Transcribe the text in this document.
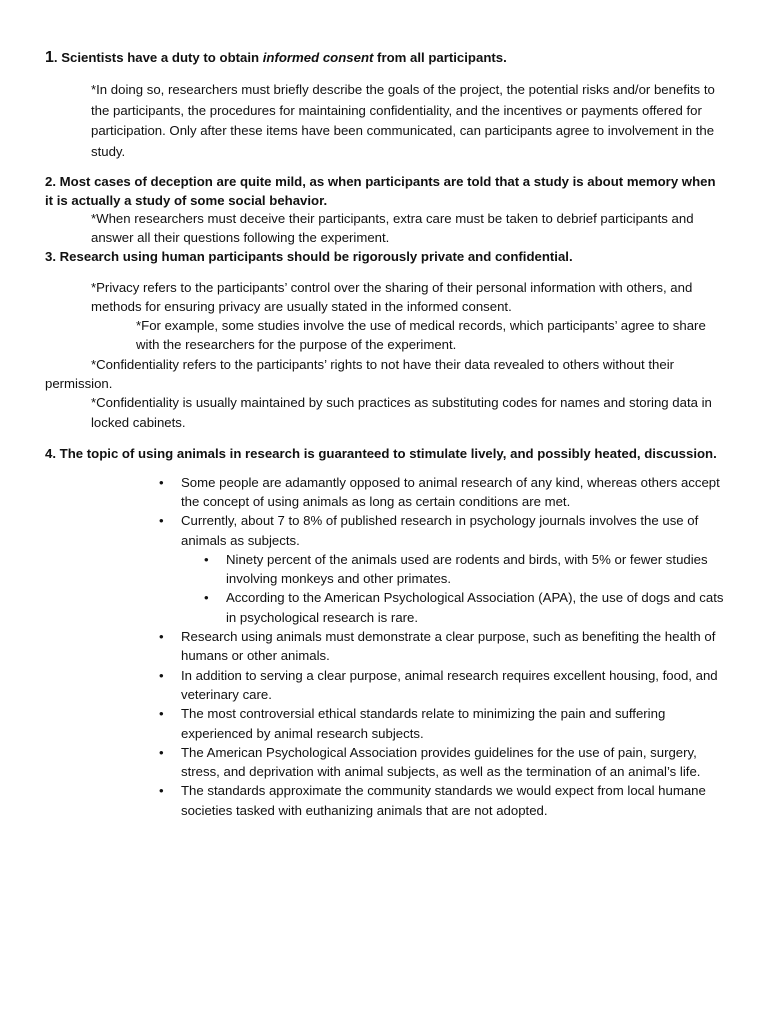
1. Scientists have a duty to obtain informed consent from all participants.
*In doing so, researchers must briefly describe the goals of the project, the potential risks and/or benefits to the participants, the procedures for maintaining confidentiality, and the incentives or payments offered for participation. Only after these items have been communicated, can participants agree to involvement in the study.
2. Most cases of deception are quite mild, as when participants are told that a study is about memory when it is actually a study of some social behavior.
*When researchers must deceive their participants, extra care must be taken to debrief participants and answer all their questions following the experiment.
3. Research using human participants should be rigorously private and confidential.
*Privacy refers to the participants’ control over the sharing of their personal information with others, and methods for ensuring privacy are usually stated in the informed consent.
*For example, some studies involve the use of medical records, which participants’ agree to share with the researchers for the purpose of the experiment.
*Confidentiality refers to the participants’ rights to not have their data revealed to others without their permission.
*Confidentiality is usually maintained by such practices as substituting codes for names and storing data in locked cabinets.
4. The topic of using animals in research is guaranteed to stimulate lively, and possibly heated, discussion.
• Some people are adamantly opposed to animal research of any kind, whereas others accept the concept of using animals as long as certain conditions are met.
• Currently, about 7 to 8% of published research in psychology journals involves the use of animals as subjects.
• Ninety percent of the animals used are rodents and birds, with 5% or fewer studies involving monkeys and other primates.
• According to the American Psychological Association (APA), the use of dogs and cats in psychological research is rare.
• Research using animals must demonstrate a clear purpose, such as benefiting the health of humans or other animals.
• In addition to serving a clear purpose, animal research requires excellent housing, food, and veterinary care.
• The most controversial ethical standards relate to minimizing the pain and suffering experienced by animal research subjects.
• The American Psychological Association provides guidelines for the use of pain, surgery, stress, and deprivation with animal subjects, as well as the termination of an animal’s life.
• The standards approximate the community standards we would expect from local humane societies tasked with euthanizing animals that are not adopted.
